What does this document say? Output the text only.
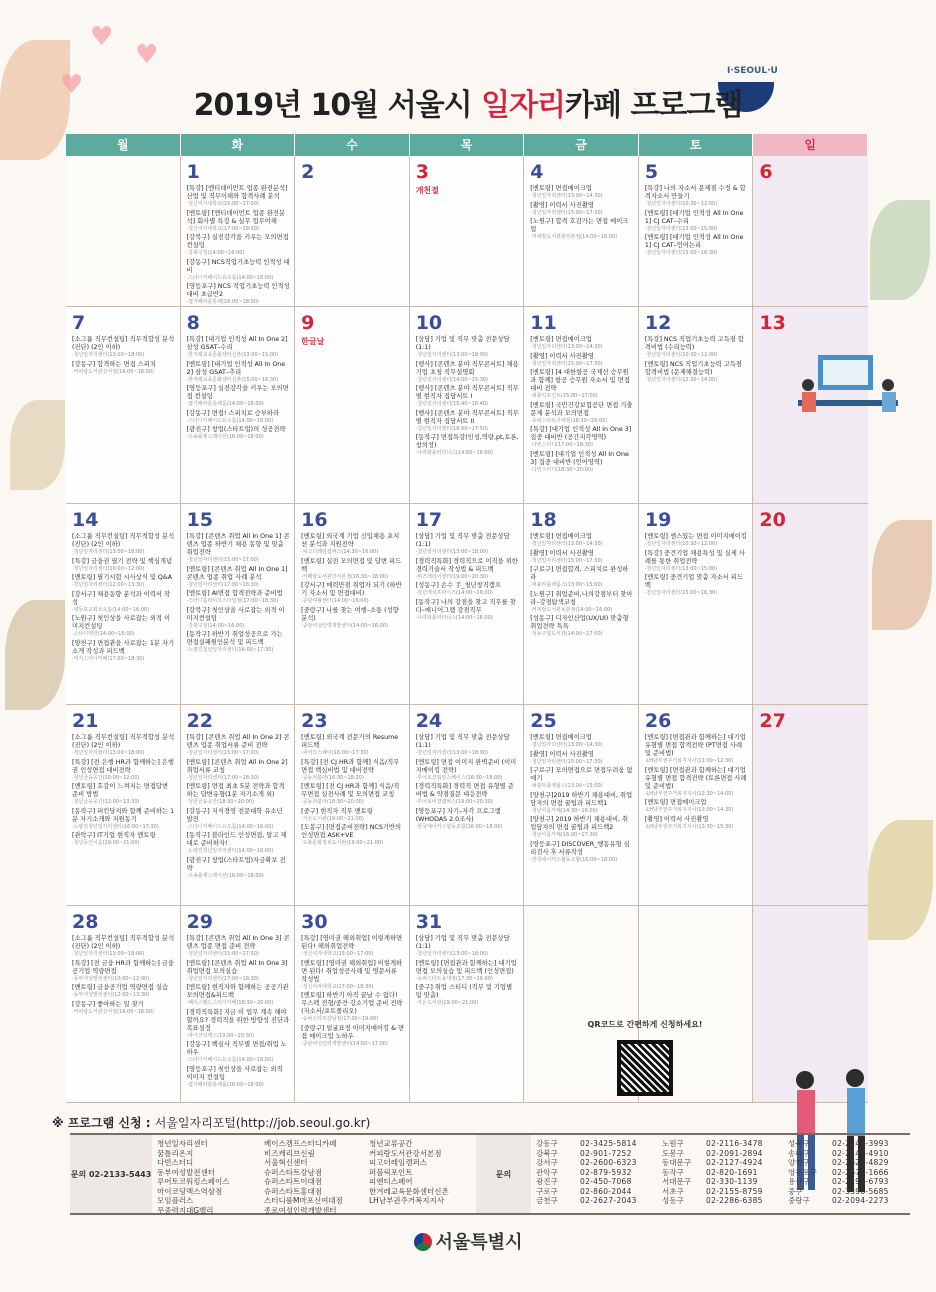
♥
♥
♥	I·SEOUL·U
2019년 10월 서울시 일자리카페 프로그램
월	화	수	목	금	토	일
1
[특강] [멘티데이먼트 업종 완전분석] 산업 및 직무이해와 합격사례 분석
·성신여자대학교(15:00~17:00)
[멘토링] [멘티데이먼트 업종 완전분석] 회사별 특징 & 실무 업무이해
·성신여자대학교(17:00~18:30)
[강북구] 실전감각을 키우는 모의면접 컨설팅
·강북구청(14:00~16:00)
[강동구] NCS직업기초능력 인적성 대비
·스타디키페이드유오룸(14:00~16:00)
[영등포구] NCS 직업기초능력 인적성 대비 초급반2
·접기페파를롯팩(16:00~18:00)
2	3
개천절
4
[멘토링] 면접메이크업
·청년일자리센터(13:00~14:30)
[촬영] 이력서 사진촬영
·청년일자리센터(15:00~17:30)
[노원구] 합격 호감가는 면접 메이크업
·커피랑도서관광부본점(14:00~16:00)
5
[특강] 나의 자소서 문제점 수정 & 합격자소서 만들기
·청년일자리센터(10:30~12:00)
[멘토링] [대기업 인적성 All In One 1] CJ CAT–수리
·청년일자리센터(13:00~15:00)
[멘토링] [대기업 인적성 All In One 1] CJ CAT–언어논리
·청년일자리센터(15:00~16:30)
6
7
[소그룹 직무컨설팅] 직무적합성 분석(진단) (2인 이하)
·청년일자리센터(13:00~18:00)
[강동구] 합격하는 면접 스피치
·커피랑도서관강서점(16:00~18:00)
8
[특강] [대기업 인적성 All In One 2] 삼성 GSAT–수리
·한겨레교육문화센터신촌(13:00~15:00)
[멘토링] [대기업 인적성 All In One 2] 삼성 GSAT–추리
·한겨레교육문화센터신촌(15:00~16:30)
[영등포구] 실전감각을 키우는 모의면접 컨설팅
·접기페파를롯팩룸(14:00~16:00)
[강동구] 면접! 스피치로 승부하라
·스타디키페이드유오룸(14:00~16:00)
[광진구] 창업(스타트업)의 성공전략
·우송플랫스테이션(16:00~18:00)
9
한글날
10
[상담] 기업 및 직무 맞춤 전문상담(1:1)
·청년일자리센터(13:00~18:00)
[행사] [콘텐츠 분야 직무콘서트] 채용기업 초청 직무설명회
·청년일자리센터(14:00~15:30)
[행사] [콘텐츠 분야 직무콘서트] 직무별 현직자 집담서트 I
·청년일자리센터(15:40~16:40)
[행사] [콘텐츠 분야 직무콘서트] 직무별 현직자 집담서트 II
·청년일자리센터(16:50~17:50)
[동작구] 면접특강(인성,역량,pt,토론,창의성)
·나라와플러터너스(14:00~16:00)
11
[멘토링] 면접메이크업
·청년일자리센터(13:00~14:30)
[촬영] 이력서 사진촬영
·청년일자리센터(15:00~17:30)
[멘토링] [4 대한항공 국제선 승무원과 함께] 항공 승무원 자소서 및 면접대비 전략
·퍼블릭포인트(15:00~17:00)
[멘토링] 국민건강보험공단 면접 기출문제 분석과 모의면접
·슈퍼스타트이대점(18:30~20:00)
[특강] [대기업 인적성 All In One 3] 집중 대비반 (공간지각영역)
·다빈스터디(17:00~18:30)
[멘토링] [대기업 인적성 All In One 3] 집중 대비반 (언어영역)
·다빈스터디(18:30~20:00)
12
[특강] NCS 직업기초능력 고득점 합격비법 (수리능력)
·청년일자리센터(10:30~12:00)
[멘토링] NCS 직업기초능력 고득점 합격비법 (문제해결능력)
·청년일자리센터(12:30~14:00)
13
14
[소그룹 직무컨설팅] 직무적합성 분석(진단) (2인 이하)
·청년일자리센터(13:00~18:00)
[특강] 금융권 필기 전략 및 핵심개념
·청년일자리센터(10:00~12:00)
[멘토링] 필기시험 시사상식 및 Q&A
·청년일자리센터(12:00~13:30)
[강서구] 채용동향 분석과 이력서 작성
·영등포교회토오룸(14:00~16:00)
[노원구] 첫인상을 사로잡는 외적 이미지컨설팅
·스타디맥원(14:00~16:00)
[양천구] 면접관을 사로잡는 1분 자기소개 작성과 피드백
·미지스터디카페(17:00~18:30)
15
[특강] [콘텐츠 취업 All In One 1] 콘텐츠 업종 하반기 채용 동향 및 맞춤 취업전략
·청년일자리센터(15:00~17:00)
[멘토링] [콘텐츠 취업 All In One 1] 콘텐츠 업종 취업 사례 분석
·청년일자리센터(17:00~18:30)
[멘토링] AI면접 합격전략과 준비법
·스타디룸라이프스타일점(17:00~18:30)
[강북구] 첫인상을 사로잡는 외적 이미지컨설팅
·강북구청(14:00~16:00)
[동작구] 하반기 취업성공으로 가는 면접실패원인분석 및 피드백
·노량진청년일자리센터(16:00~17:30)
16
[멘토링] 외국계 기업 신입채용 포지션 분석과 지원전략
·피고더레임캠퍼스(14:30~16:00)
[멘토링] 실전 모의면접 및 답변 피드백
·카페랑도서관강서본점(16:30~18:00)
[강서구] 매력만점 취업자 되기 (하반기 자소서 및 면접대비)
·공담여왕센터(14:00~16:00)
[중랑구] 나를 찾는 여행–소통 (성향분석)
·중랑여성인력개발센터(14:00~16:00)
17
[상담] 기업 및 직무 맞춤 전문상담(1:1)
·청년일자리센터(13:00~18:00)
[경력직특화] 경력직으로 이직을 위한 경력기술서 작성법 & 피드백
·비즈캐리어센터(19:00~20:30)
[성동구] 손수 手_청년창직캠프
·청년캐치프라이즈(14:00~16:00)
[동작구] 나의 강점을 찾고 직무를 찾다–애니어그램 강점직무
·나라와플러터너스(14:00~16:00)
18
[멘토링] 면접메이크업
·청년일자리센터(13:00~14:30)
[촬영] 이력서 사진촬영
·청년일자리센터(15:00~17:30)
[구로구] 면접합격, 스피치로 완성하라
·퍼블라플랫폼스(13:00~15:00)
[노원구] 취업준비,나의강점부터 찾아라–강점탐색코칭
·커피랑도서관보본점(14:00~16:00)
[성동구] 디자인산업(UX/UI) 맞춤형 취업전략 특특
·성동구립도서관(14:00~17:00)
19
[멘토링] 센스있는 면접 이미지메이킹
·청년일자리센터(10:30~12:00)
[특강] 중견기업 채용특성 및 실제 사례를 통한 취업전략
·청년일자리센터(13:00~15:00)
[멘토링] 중견기업 맞춤 자소서 피드백
·청년일자리센터(15:00~16:30)
20
21
[소그룹 직무컨설팅] 직무적합성 분석(진단) (2인 이하)
·청년일자리센터(13:00~18:00)
[특강] [전 은행 HR과 함께하는] 은행권 인성면접 대비전략
·청년금융공간(10:00~12:00)
[멘토링] 호감이 느껴지는 면접답변 준비 방법
·청년금융공간(12:00~13:30)
[동작구] 퍼킨당지와 함께 준비하는 1분 자기소개와 지원동기
·노량진청년일자리센터(16:00~17:30)
[관악구] IT기업 현직자 멘토링
·청년공간이음(19:00~21:00)
22
[특강] [콘텐츠 취업 All In One 2] 콘텐츠 업종 취업서류 준비 전략
·청년일자리센터(15:00~17:00)
[멘토링] [콘텐츠 취업 All In One 2] 취업서류 코칭
·청년일자리센터(17:00~18:30)
[멘토링] 면접 최초 5분 전략과 합격하는 답변유형(1분 자기소개 외)
·청년금융공간(18:30~20:00)
[강동구] 지식경영 전문대학 유소년 발전
·스타디키페이드유오룸(14:00~16:00)
[동작구] 블라인드 인성면접, 알고 제대로 준비하자!
·노량진청년일자리센터(14:00~16:00)
[광진구] 창업(스타트업)자금확보 전략
·우송플랫스테이션(16:00~18:00)
23
[멘토링] 외국계 전문가의 Resume 피드백
·피어트스페이(16:00~17:30)
[특강] [전 CJ HR과 함께] 식음/직무면접 핵심비법 및 대비전략
·공동러블라(16:30~18:30)
[멘토링] [전 CJ HR과 함께] 식음/직무면접 실전사례 및 모의면접 코칭
·공동러블라(18:30~20:00)
[중구] 현직자 직무 멘토링
·가온도서관(19:00~21:00)
[도봉구] [면접준비전략] NCS기반의 인성면접 ASK+VE
·도봉문화정보도서관(19:00~21:00)
24
[상담] 기업 및 직무 맞춤 전문상담(1:1)
·청년일자리센터(13:00~18:00)
[멘토링] 면접 이미지 완벽준비 (이미지메이킹 전략)
·루어토코워킹스페이스(16:30~18:00)
[경력직특화] 경력직 면접 유형별 준비법 & 약점질문 대응전략
·루어토비젼캠퍼스(19:00~20:30)
[영등포구] 자기–자각 프로그램 (WHODAS 2.0조사)
·한국에이커스협동조합(16:00~18:00)
25
[멘토링] 면접메이크업
·청년일자리센터(13:00~14:30)
[촬영] 이력서 사진촬영
·청년일자리센터(15:00~17:30)
[구로구] 모의면접으로 면접두려움 없애기
·퍼블라플랫폼스(13:00~15:00)
[양천구]2019 하반기 채용대비, 취업담자의 면접 꿀팁과 피드백1
·청년이룸카페(14:30~16:00)
[양천구] 2019 하반기 채용대비, 취업담자의 면접 꿀팁과 피드백2
·청년이룸카페(16:00~17:30)
[영등포구] DISCOVER_행동유형 심리검사 후 서류작성
·한국에이커스협동조합(16:00~18:00)
26
[멘토링] [면접관과 함께하는] 대기업 유형별 면접 합격전략 (PT면접 사례 및 준비법)
·LH남부권주거복지지사(11:00~12:30)
[멘토링] [면접관과 함께하는] 대기업 유형별 면접 합격전략 (토론면접 사례 및 준비법)
·LH남부권주거복지지사(12:30~14:00)
[멘토링] 면접메이크업
·LH남부권주거복지지사(13:00~14:30)
[촬영] 이력서 사진촬영
·LH남부권주거복지지사(13:30~15:30)
27
28
[소그룹 직무컨설팅] 직무적합성 분석(진단) (2인 이하)
·청년일자리센터(13:00~18:00)
[특강] [전 금융 HR과 함께하는] 금융공기업 역량면접
·동부여성발전센터(10:00~12:00)
[멘토링] 금융공기업 역량면접 실습
·동부여성발전센터(12:00~13:30)
[강동구] 좋아하는 일 찾기
·커피랑도서관강서점(16:00~18:00)
29
[특강] [콘텐츠 취업 All In One 3] 콘텐츠 업종 면접 준비 전략
·청년일자리센터(15:00~17:00)
[멘토링] [콘텐츠 취업 All In One 3] 취업면접 모의실습
·청년일자리센터(17:00~18:30)
[멘토링] 현직자와 함께하는 공공기관 모의면접&피드백
·페이스랜드스터디카페(18:30~20:00)
[경력직특화] 지금 이 업무 계속 해야할까요? 경력직을 위한 방향성 진단과 목표설정
·마이코딩맥스(19:00~20:30)
[강동구] 핵심사 직무별 면접/취업 노하우
·스타디키페이드유오룸(14:00~16:00)
[영등포구] 첫인상을 사로잡는 외적 이미지 컨설팅
·접기페파를롯팩룸(16:00~18:00)
30
[특강] [영미권 해외취업] 이렇게하면 된다! 해외취업전략
·성신여자대학교(15:00~17:00)
[멘토링] [영미권 해외취업] 이렇게하면 된다! 취업성공사례 및 영문서류 작성법
·성신여자대학교(17:00~18:30)
[멘토링] 하반기 아직 끝날 수 없다! 무스펙 전형/중견·강소기업 준비 전략(자소서/포트폴리오)
·슈퍼스타트강남점(17:30~19:00)
[중랑구] 얼굴표정 이미지메이킹 & 면접 메이크업 노하우
·중랑여성인력개발센터(14:00~17:00)
31
[상담] 기업 및 직무 맞춤 전문상담(1:1)
·청년일자리센터(13:00~18:00)
[멘토링] [면접관과 함께하는] 대기업 면접 모의실습 및 피드백 (인성면접)
·슈퍼스타트용대점(17:30~19:00)
[중구] 취업 스터디 (직무 및 기업별 팀 맞춤)
·가온도서관(19:00~21:00)
QR코드로 간편하게 신청하세요!
※ 프로그램 신청 : 서울일자리포털(http://job.seoul.go.kr)
문의 02-2133-5443
청년일자리센터
꿈틀리온지
다빈스터디
동부여성발전센터
루어토코워킹스페이스
마이코딩맥스역삼점
모임플러스
무중력지대G밸리
베이스캠프스터디카페
비즈캐리브신림
서울혁신센터
슈퍼스타트강남점
슈퍼스타트이대점
슈퍼스타트홍대점
스터디룸M마포신여대점
종로여성인력개발센터
청년교류공간
커피랑도서관강서본점
피고더레임캠퍼스
퍼블릭포인트
피엔티스페어
한겨레교육문화센터신촌
LH남부권주거복지지사
문의
강동구	02-3425-5814
강북구	02-901-7252
강서구	02-2600-6323
관악구	02-879-5932
광진구	02-450-7068
구로구	02-860-2044
금천구	02-2627-2043
노원구	02-2116-3478
도봉구	02-2091-2894
동대문구	02-2127-4924
동작구	02-820-1691
서대문구	02-330-1139
서초구	02-2155-8759
성동구	02-2286-6385
성북구	02-2241-3993
송파구	02-2147-4910
양천구	02-2620-4829
영등포구	02-2670-1666
용산구	02-2199-6793
중구	02-3396-5685
중랑구	02-2094-2273
서울특별시
